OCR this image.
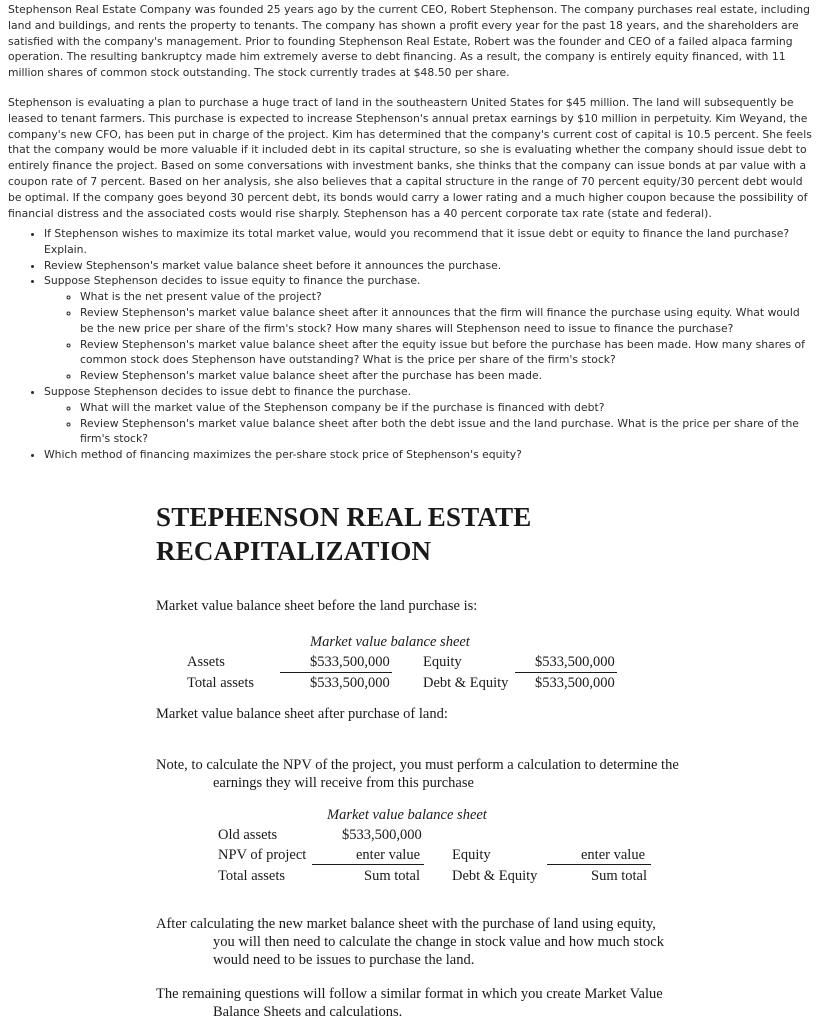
Stephenson Real Estate Company was founded 25 years ago by the current CEO, Robert Stephenson. The company purchases real estate, including land and buildings, and rents the property to tenants. The company has shown a profit every year for the past 18 years, and the shareholders are satisfied with the company's management. Prior to founding Stephenson Real Estate, Robert was the founder and CEO of a failed alpaca farming operation. The resulting bankruptcy made him extremely averse to debt financing. As a result, the company is entirely equity financed, with 11 million shares of common stock outstanding. The stock currently trades at $48.50 per share.

Stephenson is evaluating a plan to purchase a huge tract of land in the southeastern United States for $45 million. The land will subsequently be leased to tenant farmers. This purchase is expected to increase Stephenson's annual pretax earnings by $10 million in perpetuity. Kim Weyand, the company's new CFO, has been put in charge of the project. Kim has determined that the company's current cost of capital is 10.5 percent. She feels that the company would be more valuable if it included debt in its capital structure, so she is evaluating whether the company should issue debt to entirely finance the project. Based on some conversations with investment banks, she thinks that the company can issue bonds at par value with a coupon rate of 7 percent. Based on her analysis, she also believes that a capital structure in the range of 70 percent equity/30 percent debt would be optimal. If the company goes beyond 30 percent debt, its bonds would carry a lower rating and a much higher coupon because the possibility of financial distress and the associated costs would rise sharply. Stephenson has a 40 percent corporate tax rate (state and federal).

• If Stephenson wishes to maximize its total market value, would you recommend that it issue debt or equity to finance the land purchase? Explain.
• Review Stephenson's market value balance sheet before it announces the purchase.
• Suppose Stephenson decides to issue equity to finance the purchase.
◦ What is the net present value of the project?
◦ Review Stephenson's market value balance sheet after it announces that the firm will finance the purchase using equity. What would be the new price per share of the firm's stock? How many shares will Stephenson need to issue to finance the purchase?
◦ Review Stephenson's market value balance sheet after the equity issue but before the purchase has been made. How many shares of common stock does Stephenson have outstanding? What is the price per share of the firm's stock?
◦ Review Stephenson's market value balance sheet after the purchase has been made.
• Suppose Stephenson decides to issue debt to finance the purchase.
◦ What will the market value of the Stephenson company be if the purchase is financed with debt?
◦ Review Stephenson's market value balance sheet after both the debt issue and the land purchase. What is the price per share of the firm's stock?
• Which method of financing maximizes the per-share stock price of Stephenson's equity?
STEPHENSON REAL ESTATE
RECAPITALIZATION
Market value balance sheet before the land purchase is:
Market value balance sheet
Assets	$533,500,000 Equity	$533,500,000
Total assets	$533,500,000 Debt & Equity $533,500,000
Market value balance sheet after purchase of land:
Note, to calculate the NPV of the project, you must perform a calculation to determine the
earnings they will receive from this purchase
Market value balance sheet
Old assets	$533,500,000
NPV of project	enter value Equity	enter value
Total assets	Sum total Debt & Equity	Sum total
After calculating the new market balance sheet with the purchase of land using equity,
you will then need to calculate the change in stock value and how much stock
would need to be issues to purchase the land.
The remaining questions will follow a similar format in which you create Market Value
Balance Sheets and calculations.
